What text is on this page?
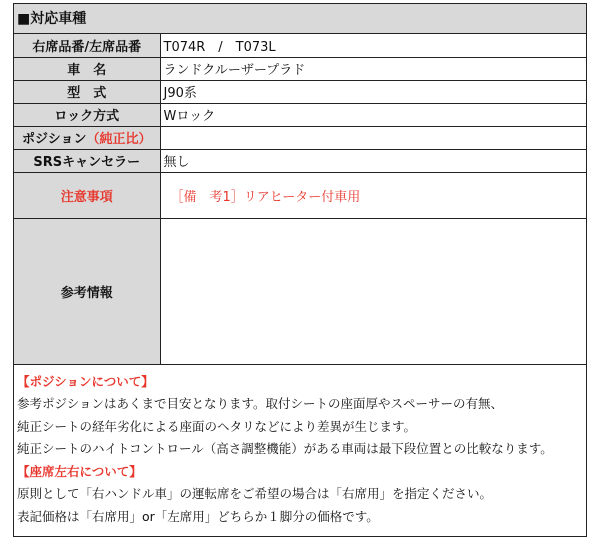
■対応車種
右席品番/左席品番	T074R　/　T073L
車　名	ランドクルーザープラド
型　式	J90系
ロック方式	Wロック
ポジション（純正比）	
SRSキャンセラー	無し
注意事項	［備　考1］リアヒーター付車用
参考情報	
【ポジションについて】
参考ポジションはあくまで目安となります。取付シートの座面厚やスペーサーの有無、
純正シートの経年劣化による座面のヘタリなどにより差異が生じます。
純正シートのハイトコントロール（高さ調整機能）がある車両は最下段位置との比較なります。
【座席左右について】
原則として「右ハンドル車」の運転席をご希望の場合は「右席用」を指定ください。
表記価格は「右席用」or「左席用」どちらか１脚分の価格です。
